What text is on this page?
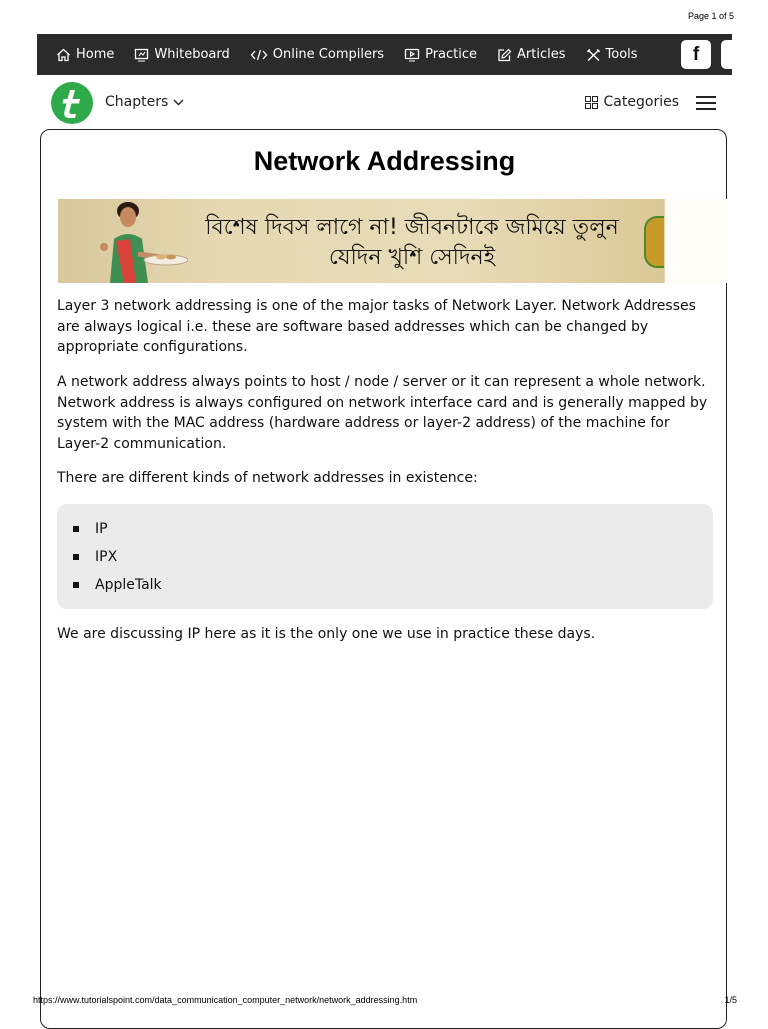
Page 1 of 5
Home	Whiteboard	Online Compilers	Practice	Articles	Tools	f
Chapters	Categories
Network Addressing
বিশেষ দিবস লাগে না! জীবনটাকে জমিয়ে তুলুন
যেদিন খুশি সেদিনই

Layer 3 network addressing is one of the major tasks of Network Layer. Network Addresses are always logical i.e. these are software based addresses which can be changed by appropriate configurations.

A network address always points to host / node / server or it can represent a whole network. Network address is always configured on network interface card and is generally mapped by system with the MAC address (hardware address or layer-2 address) of the machine for Layer-2 communication.

There are different kinds of network addresses in existence:

IP
IPX
AppleTalk

We are discussing IP here as it is the only one we use in practice these days.

https://www.tutorialspoint.com/data_communication_computer_network/network_addressing.htm	1/5
